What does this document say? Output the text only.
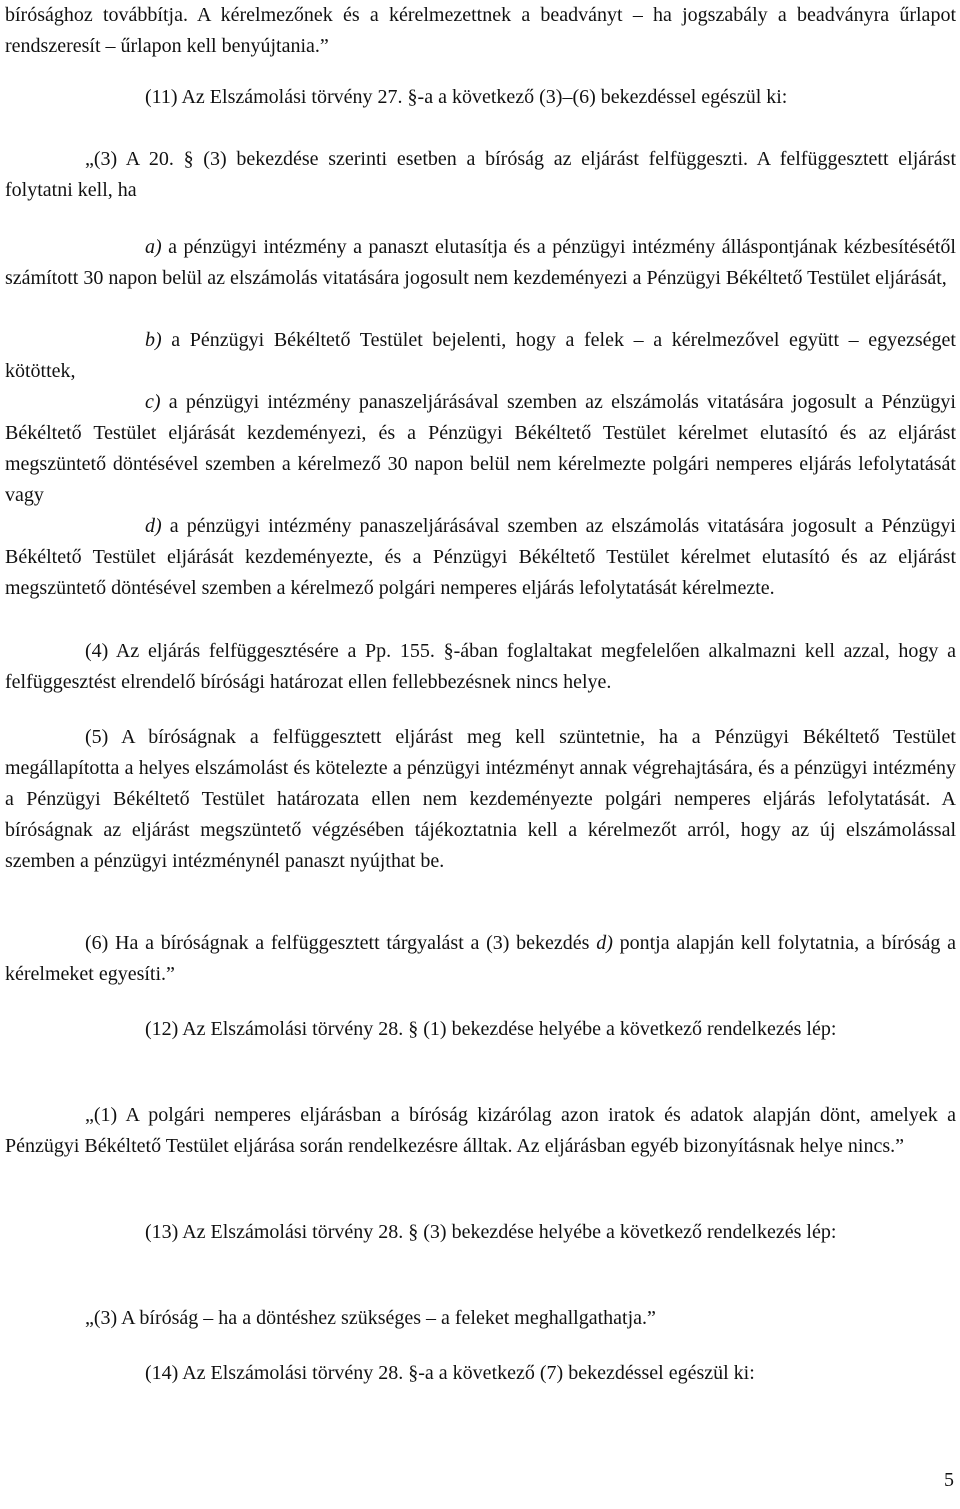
bírósághoz továbbítja. A kérelmezőnek és a kérelmezettnek a beadványt – ha jogszabály a beadványra űrlapot rendszeresít – űrlapon kell benyújtania.”
(11) Az Elszámolási törvény 27. §-a a következő (3)–(6) bekezdéssel egészül ki:
„(3) A 20. § (3) bekezdése szerinti esetben a bíróság az eljárást felfüggeszti. A felfüggesztett eljárást folytatni kell, ha
a) a pénzügyi intézmény a panaszt elutasítja és a pénzügyi intézmény álláspontjának kézbesítésétől számított 30 napon belül az elszámolás vitatására jogosult nem kezdeményezi a Pénzügyi Békéltető Testület eljárását,
b) a Pénzügyi Békéltető Testület bejelenti, hogy a felek – a kérelmezővel együtt – egyezséget kötöttek,
c) a pénzügyi intézmény panaszeljárásával szemben az elszámolás vitatására jogosult a Pénzügyi Békéltető Testület eljárását kezdeményezi, és a Pénzügyi Békéltető Testület kérelmet elutasító és az eljárást megszüntető döntésével szemben a kérelmező 30 napon belül nem kérelmezte polgári nemperes eljárás lefolytatását vagy
d) a pénzügyi intézmény panaszeljárásával szemben az elszámolás vitatására jogosult a Pénzügyi Békéltető Testület eljárását kezdeményezte, és a Pénzügyi Békéltető Testület kérelmet elutasító és az eljárást megszüntető döntésével szemben a kérelmező polgári nemperes eljárás lefolytatását kérelmezte.
(4) Az eljárás felfüggesztésére a Pp. 155. §-ában foglaltakat megfelelően alkalmazni kell azzal, hogy a felfüggesztést elrendelő bírósági határozat ellen fellebbezésnek nincs helye.
(5) A bíróságnak a felfüggesztett eljárást meg kell szüntetnie, ha a Pénzügyi Békéltető Testület megállapította a helyes elszámolást és kötelezte a pénzügyi intézményt annak végrehajtására, és a pénzügyi intézmény a Pénzügyi Békéltető Testület határozata ellen nem kezdeményezte polgári nemperes eljárás lefolytatását. A bíróságnak az eljárást megszüntető végzésében tájékoztatnia kell a kérelmezőt arról, hogy az új elszámolással szemben a pénzügyi intézménynél panaszt nyújthat be.
(6) Ha a bíróságnak a felfüggesztett tárgyalást a (3) bekezdés d) pontja alapján kell folytatnia, a bíróság a kérelmeket egyesíti.”
(12) Az Elszámolási törvény 28. § (1) bekezdése helyébe a következő rendelkezés lép:
„(1) A polgári nemperes eljárásban a bíróság kizárólag azon iratok és adatok alapján dönt, amelyek a Pénzügyi Békéltető Testület eljárása során rendelkezésre álltak. Az eljárásban egyéb bizonyításnak helye nincs.”
(13) Az Elszámolási törvény 28. § (3) bekezdése helyébe a következő rendelkezés lép:
„(3) A bíróság – ha a döntéshez szükséges – a feleket meghallgathatja.”
(14) Az Elszámolási törvény 28. §-a a következő (7) bekezdéssel egészül ki:
5
